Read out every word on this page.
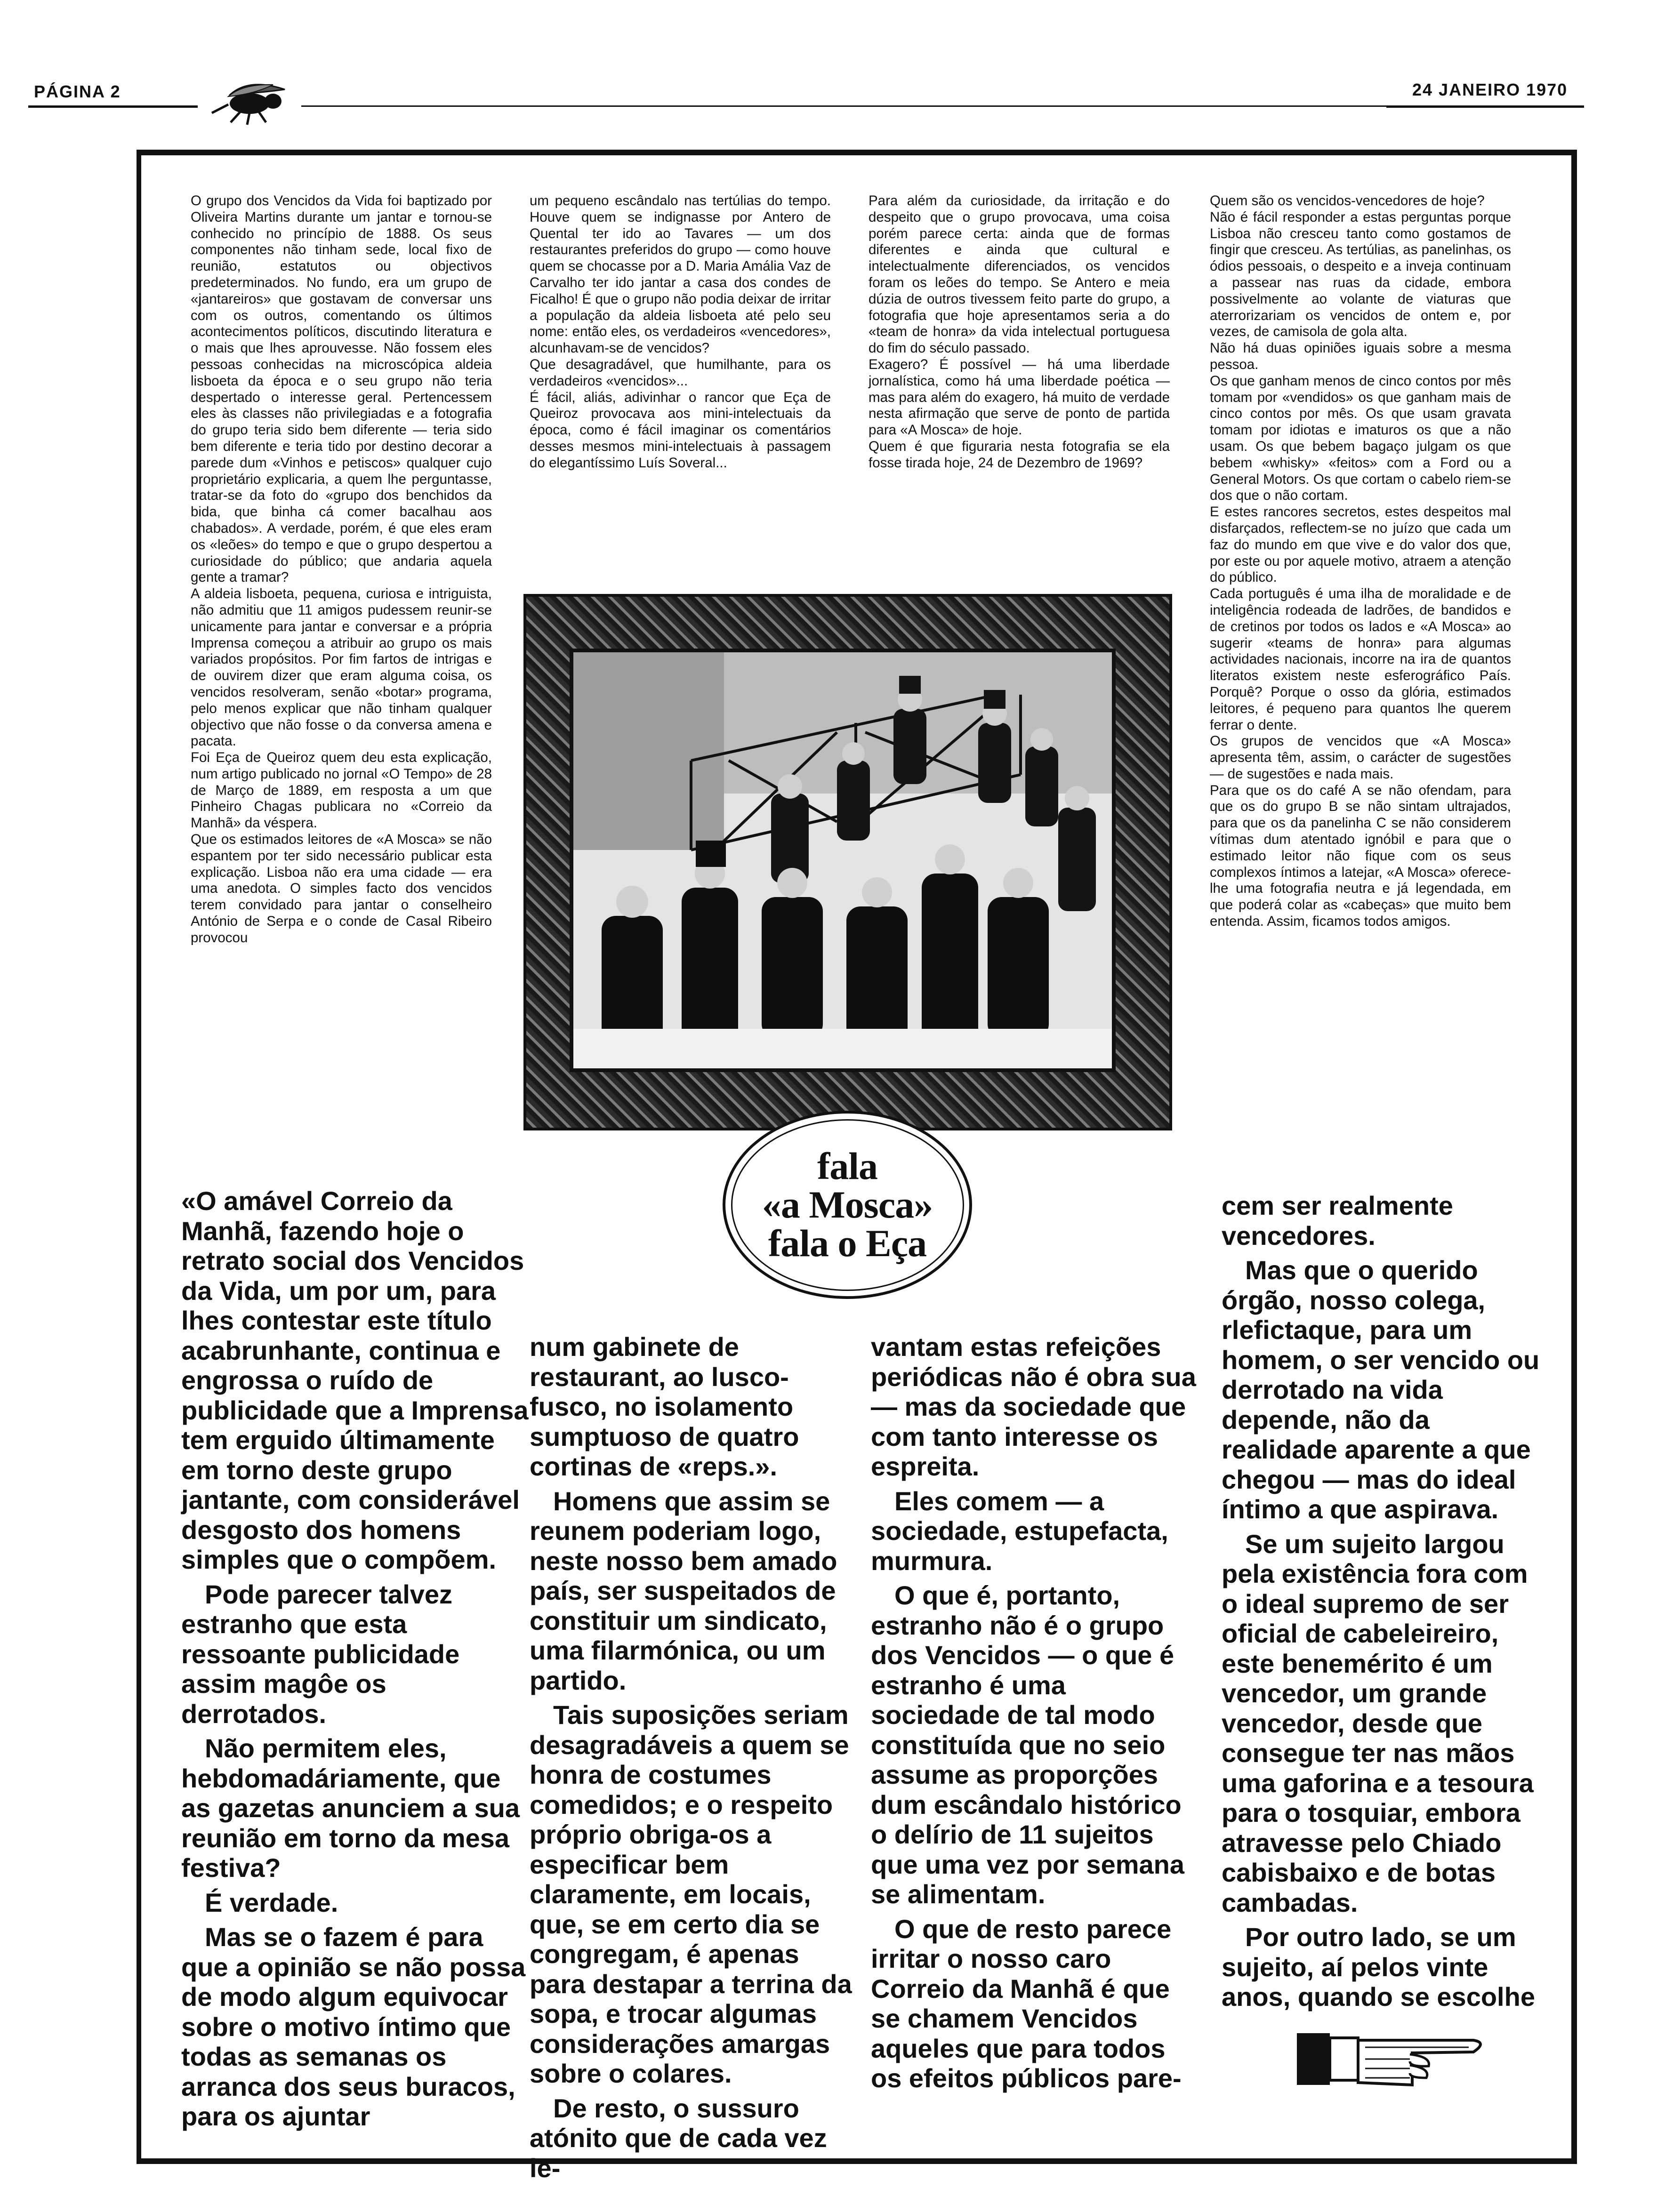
PÁGINA 2	24 JANEIRO 1970

O grupo dos Vencidos da Vida foi baptizado por Oliveira Martins durante um jantar e tornou-se conhecido no princípio de 1888. Os seus componentes não tinham sede, local fixo de reunião, estatutos ou objectivos predeterminados. No fundo, era um grupo de «jantareiros» que gostavam de conversar uns com os outros, comentando os últimos acontecimentos políticos, discutindo literatura e o mais que lhes aprouvesse. Não fossem eles pessoas conhecidas na microscópica aldeia lisboeta da época e o seu grupo não teria despertado o interesse geral. Pertencessem eles às classes não privilegiadas e a fotografia do grupo teria sido bem diferente — teria sido bem diferente e teria tido por destino decorar a parede dum «Vinhos e petiscos» qualquer cujo proprietário explicaria, a quem lhe perguntasse, tratar-se da foto do «grupo dos benchidos da bida, que binha cá comer bacalhau aos chabados». A verdade, porém, é que eles eram os «leões» do tempo e que o grupo despertou a curiosidade do público; que andaria aquela gente a tramar?

A aldeia lisboeta, pequena, curiosa e intriguista, não admitiu que 11 amigos pudessem reunir-se unicamente para jantar e conversar e a própria Imprensa começou a atribuir ao grupo os mais variados propósitos. Por fim fartos de intrigas e de ouvirem dizer que eram alguma coisa, os vencidos resolveram, senão «botar» programa, pelo menos explicar que não tinham qualquer objectivo que não fosse o da conversa amena e pacata.

Foi Eça de Queiroz quem deu esta explicação, num artigo publicado no jornal «O Tempo» de 28 de Março de 1889, em resposta a um que Pinheiro Chagas publicara no «Correio da Manhã» da véspera.

Que os estimados leitores de «A Mosca» se não espantem por ter sido necessário publicar esta explicação. Lisboa não era uma cidade — era uma anedota. O simples facto dos vencidos terem convidado para jantar o conselheiro António de Serpa e o conde de Casal Ribeiro provocou

um pequeno escândalo nas tertúlias do tempo. Houve quem se indignasse por Antero de Quental ter ido ao Tavares — um dos restaurantes preferidos do grupo — como houve quem se chocasse por a D. Maria Amália Vaz de Carvalho ter ido jantar a casa dos condes de Ficalho! É que o grupo não podia deixar de irritar a população da aldeia lisboeta até pelo seu nome: então eles, os verdadeiros «vencedores», alcunhavam-se de vencidos?

Que desagradável, que humilhante, para os verdadeiros «vencidos»...

É fácil, aliás, adivinhar o rancor que Eça de Queiroz provocava aos mini-intelectuais da época, como é fácil imaginar os comentários desses mesmos mini-intelectuais à passagem do elegantíssimo Luís Soveral...

Para além da curiosidade, da irritação e do despeito que o grupo provocava, uma coisa porém parece certa: ainda que de formas diferentes e ainda que cultural e intelectualmente diferenciados, os vencidos foram os leões do tempo. Se Antero e meia dúzia de outros tivessem feito parte do grupo, a fotografia que hoje apresentamos seria a do «team de honra» da vida intelectual portuguesa do fim do século passado.

Exagero? É possível — há uma liberdade jornalística, como há uma liberdade poética — mas para além do exagero, há muito de verdade nesta afirmação que serve de ponto de partida para «A Mosca» de hoje.

Quem é que figuraria nesta fotografia se ela fosse tirada hoje, 24 de Dezembro de 1969?

Quem são os vencidos-vencedores de hoje?

Não é fácil responder a estas perguntas porque Lisboa não cresceu tanto como gostamos de fingir que cresceu. As tertúlias, as panelinhas, os ódios pessoais, o despeito e a inveja continuam a passear nas ruas da cidade, embora possivelmente ao volante de viaturas que aterrorizariam os vencidos de ontem e, por vezes, de camisola de gola alta.

Não há duas opiniões iguais sobre a mesma pessoa.

Os que ganham menos de cinco contos por mês tomam por «vendidos» os que ganham mais de cinco contos por mês. Os que usam gravata tomam por idiotas e imaturos os que a não usam. Os que bebem bagaço julgam os que bebem «whisky» «feitos» com a Ford ou a General Motors. Os que cortam o cabelo riem-se dos que o não cortam.

E estes rancores secretos, estes despeitos mal disfarçados, reflectem-se no juízo que cada um faz do mundo em que vive e do valor dos que, por este ou por aquele motivo, atraem a atenção do público.

Cada português é uma ilha de moralidade e de inteligência rodeada de ladrões, de bandidos e de cretinos por todos os lados e «A Mosca» ao sugerir «teams de honra» para algumas actividades nacionais, incorre na ira de quantos literatos existem neste esferográfico País. Porquê? Porque o osso da glória, estimados leitores, é pequeno para quantos lhe querem ferrar o dente.

Os grupos de vencidos que «A Mosca» apresenta têm, assim, o carácter de sugestões — de sugestões e nada mais.

Para que os do café A se não ofendam, para que os do grupo B se não sintam ultrajados, para que os da panelinha C se não considerem vítimas dum atentado ignóbil e para que o estimado leitor não fique com os seus complexos íntimos a latejar, «A Mosca» oferece-lhe uma fotografia neutra e já legendada, em que poderá colar as «cabeças» que muito bem entenda. Assim, ficamos todos amigos.

fala
«a Mosca»
fala o Eça

«O amável Correio da Manhã, fazendo hoje o retrato social dos Vencidos da Vida, um por um, para lhes contestar este título acabrunhante, continua e engrossa o ruído de publicidade que a Imprensa tem erguido últimamente em torno deste grupo jantante, com considerável desgosto dos homens simples que o compõem.

Pode parecer talvez estranho que esta ressoante publicidade assim magôe os derrotados.

Não permitem eles, hebdomadáriamente, que as gazetas anunciem a sua reunião em torno da mesa festiva?

É verdade.

Mas se o fazem é para que a opinião se não possa de modo algum equivocar sobre o motivo íntimo que todas as semanas os arranca dos seus buracos, para os ajuntar

num gabinete de restaurant, ao lusco-fusco, no isolamento sumptuoso de quatro cortinas de «reps.».

Homens que assim se reunem poderiam logo, neste nosso bem amado país, ser suspeitados de constituir um sindicato, uma filarmónica, ou um partido.

Tais suposições seriam desagradáveis a quem se honra de costumes comedidos; e o respeito próprio obriga-os a especificar bem claramente, em locais, que, se em certo dia se congregam, é apenas para destapar a terrina da sopa, e trocar algumas considerações amargas sobre o colares.

De resto, o sussuro atónito que de cada vez le-

vantam estas refeições periódicas não é obra sua — mas da sociedade que com tanto interesse os espreita.

Eles comem — a sociedade, estupefacta, murmura.

O que é, portanto, estranho não é o grupo dos Vencidos — o que é estranho é uma sociedade de tal modo constituída que no seio assume as proporções dum escândalo histórico o delírio de 11 sujeitos que uma vez por semana se alimentam.

O que de resto parece irritar o nosso caro Correio da Manhã é que se chamem Vencidos aqueles que para todos os efeitos públicos pare-

cem ser realmente vencedores.

Mas que o querido órgão, nosso colega, rlefictaque, para um homem, o ser vencido ou derrotado na vida depende, não da realidade aparente a que chegou — mas do ideal íntimo a que aspirava.

Se um sujeito largou pela existência fora com o ideal supremo de ser oficial de cabeleireiro, este benemérito é um vencedor, um grande vencedor, desde que consegue ter nas mãos uma gaforina e a tesoura para o tosquiar, embora atravesse pelo Chiado cabisbaixo e de botas cambadas.

Por outro lado, se um sujeito, aí pelos vinte anos, quando se escolhe
